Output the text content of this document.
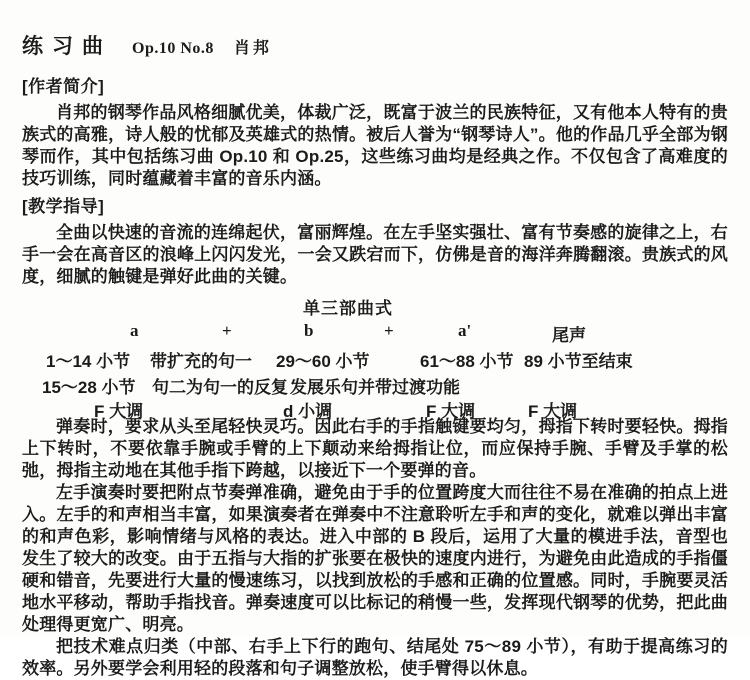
练习曲 Op.10 No.8 肖邦
[作者简介]

肖邦的钢琴作品风格细腻优美，体裁广泛，既富于波兰的民族特征，又有他本人特有的贵族式的高雅，诗人般的忧郁及英雄式的热情。被后人誉为“钢琴诗人”。他的作品几乎全部为钢琴而作，其中包括练习曲 Op.10 和 Op.25，这些练习曲均是经典之作。不仅包含了高难度的技巧训练，同时蕴藏着丰富的音乐内涵。

[教学指导]

全曲以快速的音流的连绵起伏，富丽辉煌。在左手坚实强壮、富有节奏感的旋律之上，右手一会在高音区的浪峰上闪闪发光，一会又跌宕而下，仿佛是音的海洋奔腾翻滚。贵族式的风度，细腻的触键是弹好此曲的关键。

单三部曲式
a	+	b	+	a'	尾声
1～14 小节 带扩充的句一 29～60 小节	61～88 小节 89 小节至结束
15～28 小节 句二为句一的反复 发展乐句并带过渡功能
F 大调	d 小调	F 大调	F 大调

弹奏时，要求从头至尾轻快灵巧。因此右手的手指触键要均匀，拇指下转时要轻快。拇指上下转时，不要依靠手腕或手臂的上下颠动来给拇指让位，而应保持手腕、手臂及手掌的松弛，拇指主动地在其他手指下跨越，以接近下一个要弹的音。

左手演奏时要把附点节奏弹准确，避免由于手的位置跨度大而往往不易在准确的拍点上进入。左手的和声相当丰富，如果演奏者在弹奏中不注意聆听左手和声的变化，就难以弹出丰富的和声色彩，影响情绪与风格的表达。进入中部的 B 段后，运用了大量的模进手法，音型也发生了较大的改变。由于五指与大指的扩张要在极快的速度内进行，为避免由此造成的手指僵硬和错音，先要进行大量的慢速练习，以找到放松的手感和正确的位置感。同时，手腕要灵活地水平移动，帮助手指找音。弹奏速度可以比标记的稍慢一些，发挥现代钢琴的优势，把此曲处理得更宽广、明亮。

把技术难点归类（中部、右手上下行的跑句、结尾处 75～89 小节），有助于提高练习的效率。另外要学会利用轻的段落和句子调整放松，使手臂得以休息。
